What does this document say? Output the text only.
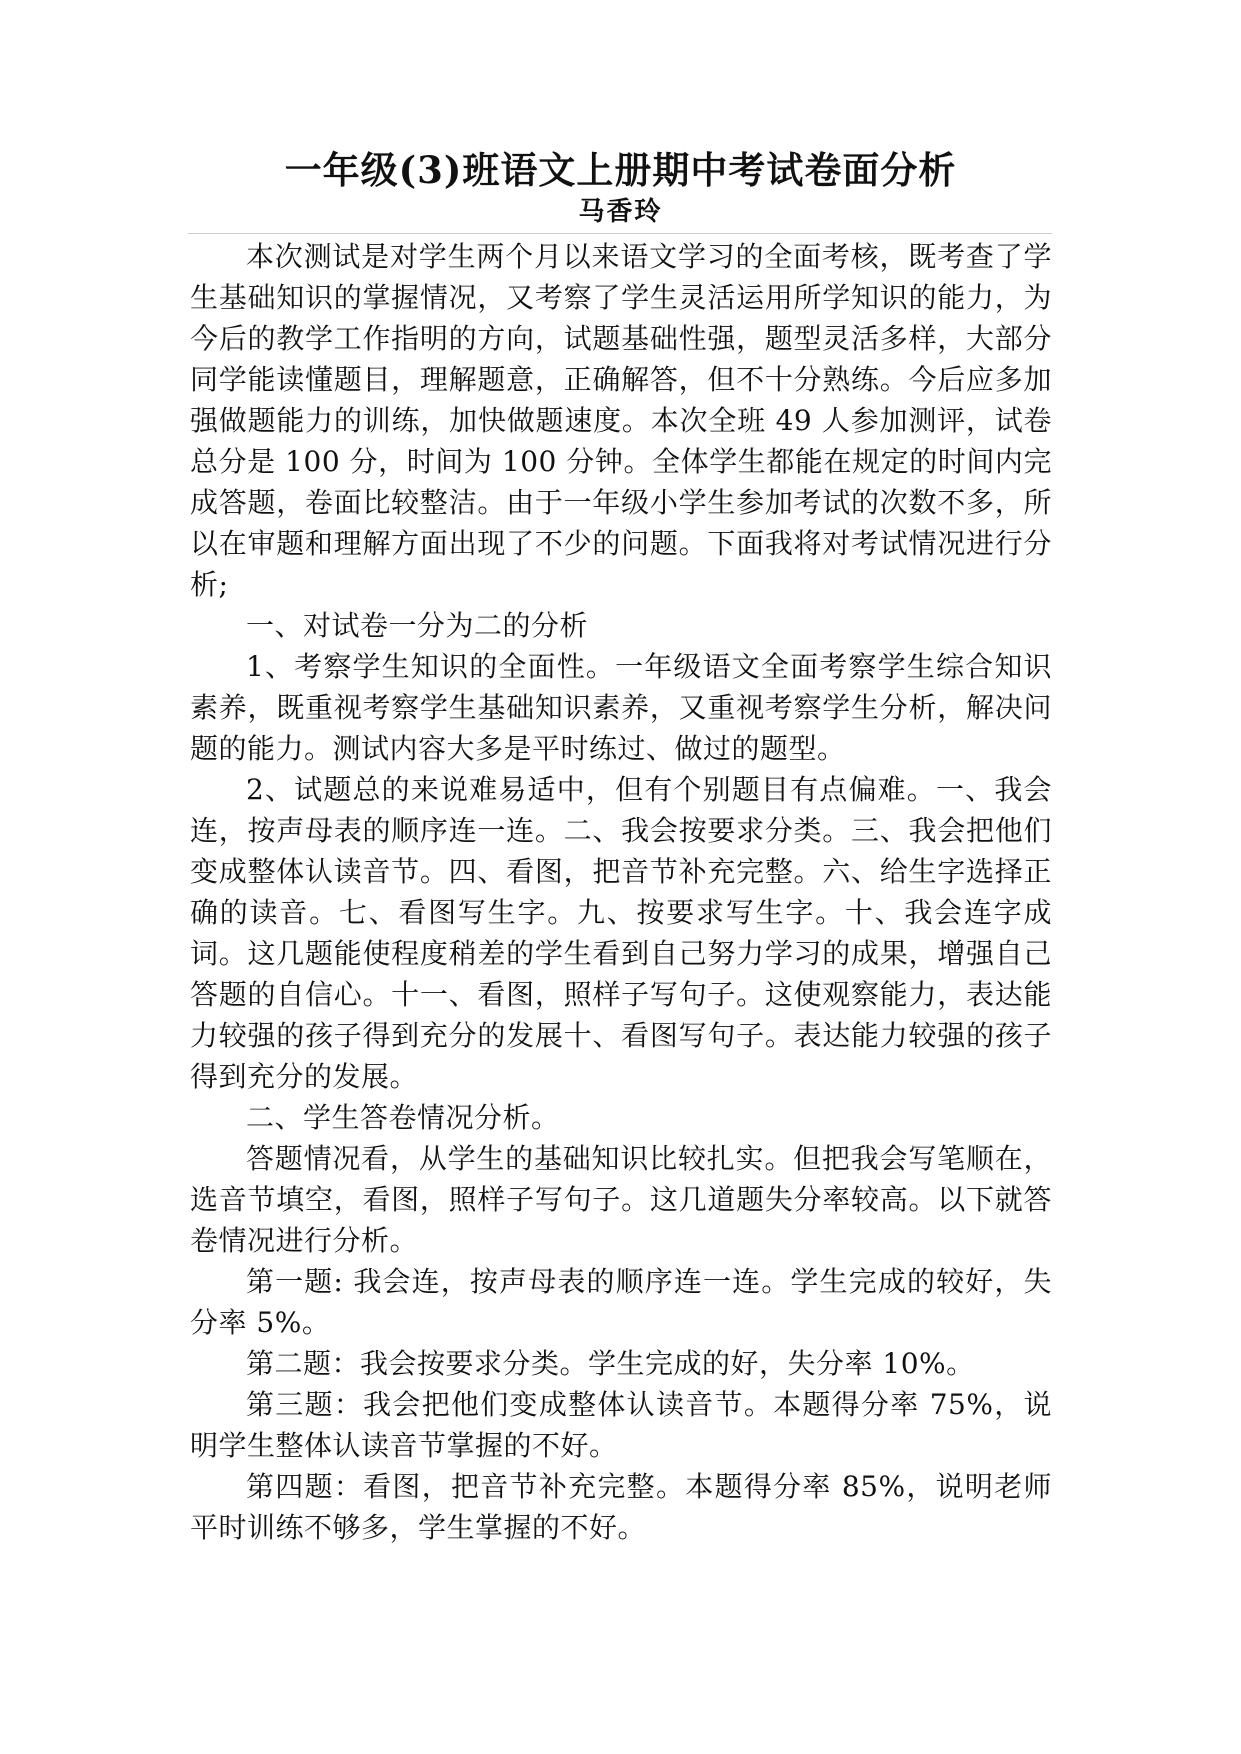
一年级(3)班语文上册期中考试卷面分析
马香玲

本次测试是对学生两个月以来语文学习的全面考核，既考查了学生基础知识的掌握情况，又考察了学生灵活运用所学知识的能力，为今后的教学工作指明的方向，试题基础性强，题型灵活多样，大部分同学能读懂题目，理解题意，正确解答，但不十分熟练。今后应多加强做题能力的训练，加快做题速度。本次全班 49 人参加测评，试卷总分是 100 分，时间为 100 分钟。全体学生都能在规定的时间内完成答题，卷面比较整洁。由于一年级小学生参加考试的次数不多，所以在审题和理解方面出现了不少的问题。下面我将对考试情况进行分析;

一、对试卷一分为二的分析

1、考察学生知识的全面性。一年级语文全面考察学生综合知识素养，既重视考察学生基础知识素养，又重视考察学生分析，解决问题的能力。测试内容大多是平时练过、做过的题型。

2、试题总的来说难易适中，但有个别题目有点偏难。一、我会连，按声母表的顺序连一连。二、我会按要求分类。三、我会把他们变成整体认读音节。四、看图，把音节补充完整。六、给生字选择正确的读音。七、看图写生字。九、按要求写生字。十、我会连字成词。这几题能使程度稍差的学生看到自己努力学习的成果，增强自己答题的自信心。十一、看图，照样子写句子。这使观察能力，表达能力较强的孩子得到充分的发展十、看图写句子。表达能力较强的孩子得到充分的发展。

二、学生答卷情况分析。

答题情况看，从学生的基础知识比较扎实。但把我会写笔顺在，选音节填空，看图，照样子写句子。这几道题失分率较高。以下就答卷情况进行分析。

第一题: 我会连，按声母表的顺序连一连。学生完成的较好，失分率 5%。

第二题：我会按要求分类。学生完成的好，失分率 10%。

第三题：我会把他们变成整体认读音节。本题得分率 75%，说明学生整体认读音节掌握的不好。

第四题：看图，把音节补充完整。本题得分率 85%，说明老师平时训练不够多，学生掌握的不好。
